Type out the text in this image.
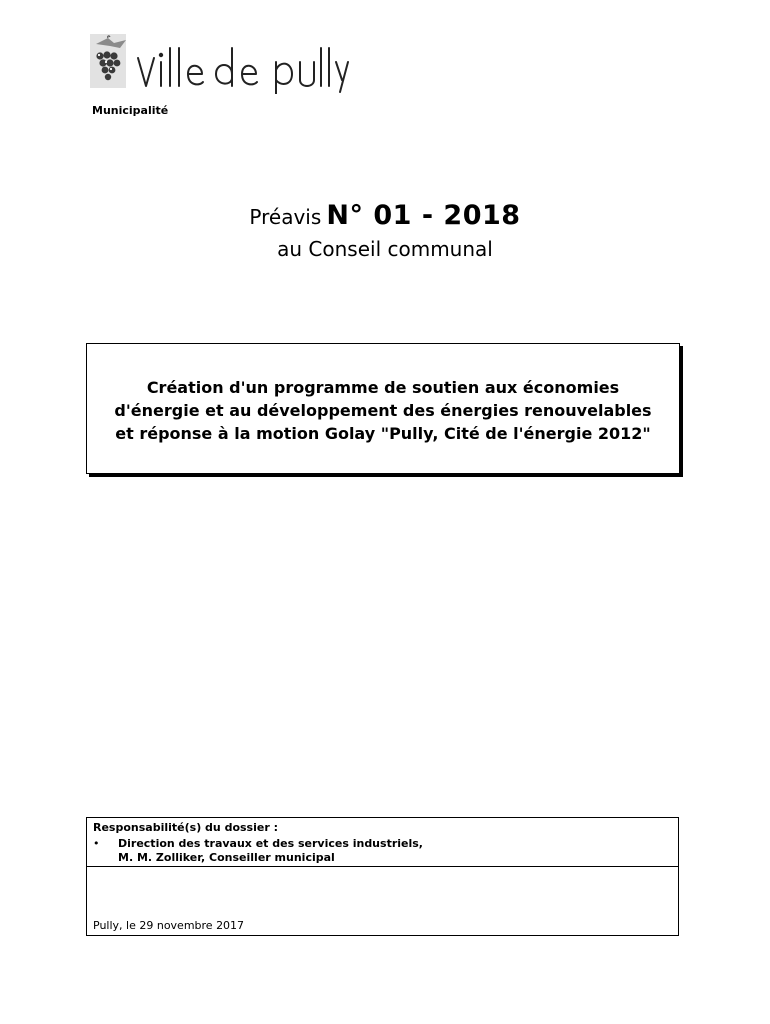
Municipalité
Préavis N° 01 - 2018
au Conseil communal
Création d'un programme de soutien aux économies
d'énergie et au développement des énergies renouvelables
et réponse à la motion Golay "Pully, Cité de l'énergie 2012"
Responsabilité(s) du dossier :
• Direction des travaux et des services industriels,
M. M. Zolliker, Conseiller municipal
Pully, le 29 novembre 2017
